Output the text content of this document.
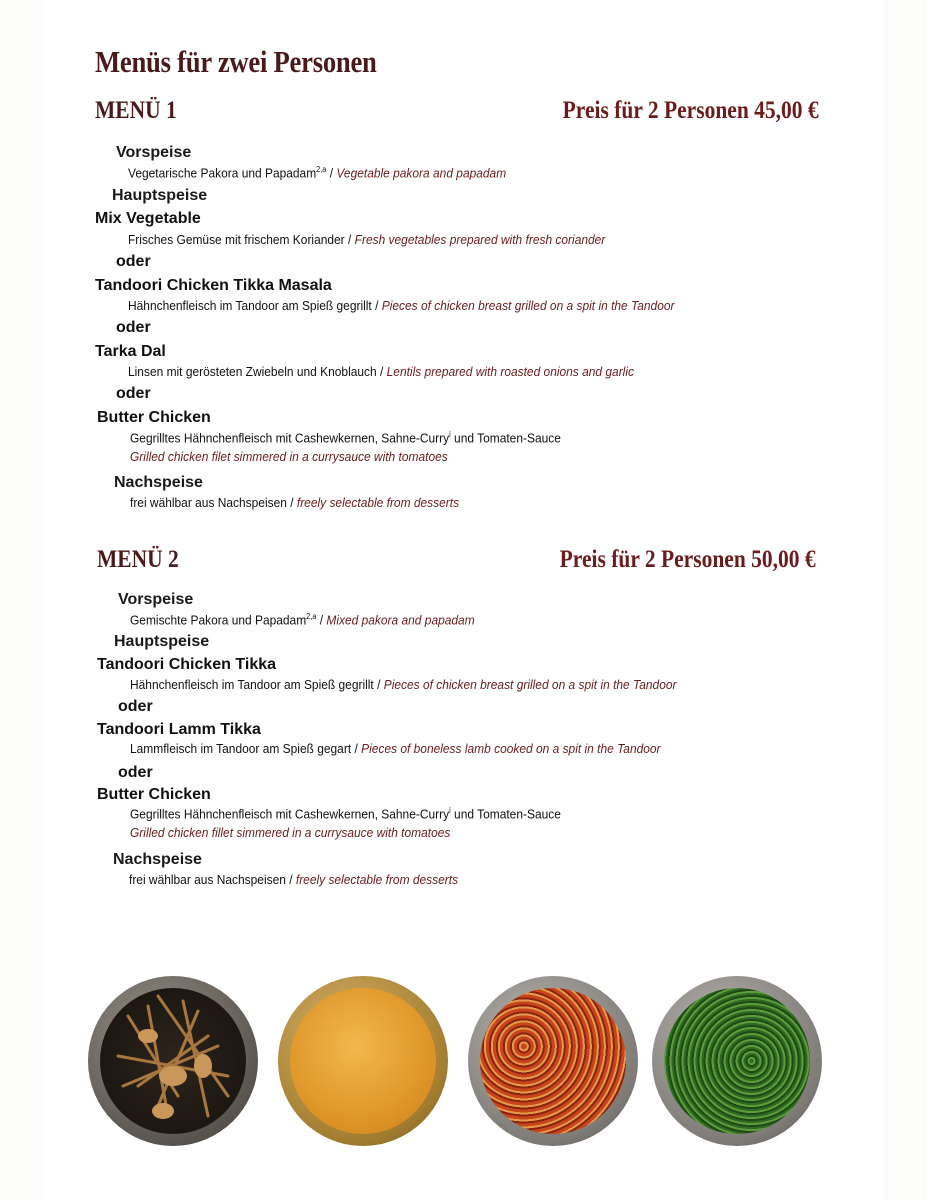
Menüs für zwei Personen
MENÜ 1	Preis für 2 Personen 45,00 €
Vorspeise
Vegetarische Pakora und Papadam$^{2,a}$ / Vegetable pakora and papadam
Hauptspeise
Mix Vegetable
Frisches Gemüse mit frischem Koriander / Fresh vegetables prepared with fresh coriander
oder
Tandoori Chicken Tikka Masala
Hähnchenfleisch im Tandoor am Spieß gegrillt / Pieces of chicken breast grilled on a spit in the Tandoor
oder
Tarka Dal
Linsen mit gerösteten Zwiebeln und Knoblauch / Lentils prepared with roasted onions and garlic
oder
Butter Chicken
Gegrilltes Hähnchenfleisch mit Cashewkernen, Sahne-Curry$^i$ und Tomaten-Sauce
Grilled chicken filet simmered in a currysauce with tomatoes
Nachspeise
frei wählbar aus Nachspeisen / freely selectable from desserts
MENÜ 2	Preis für 2 Personen 50,00 €
Vorspeise
Gemischte Pakora und Papadam$^{2,a}$ / Mixed pakora and papadam
Hauptspeise
Tandoori Chicken Tikka
Hähnchenfleisch im Tandoor am Spieß gegrillt / Pieces of chicken breast grilled on a spit in the Tandoor
oder
Tandoori Lamm Tikka
Lammfleisch im Tandoor am Spieß gegart / Pieces of boneless lamb cooked on a spit in the Tandoor
oder
Butter Chicken
Gegrilltes Hähnchenfleisch mit Cashewkernen, Sahne-Curry$^i$ und Tomaten-Sauce
Grilled chicken fillet simmered in a currysauce with tomatoes
Nachspeise
frei wählbar aus Nachspeisen / freely selectable from desserts
